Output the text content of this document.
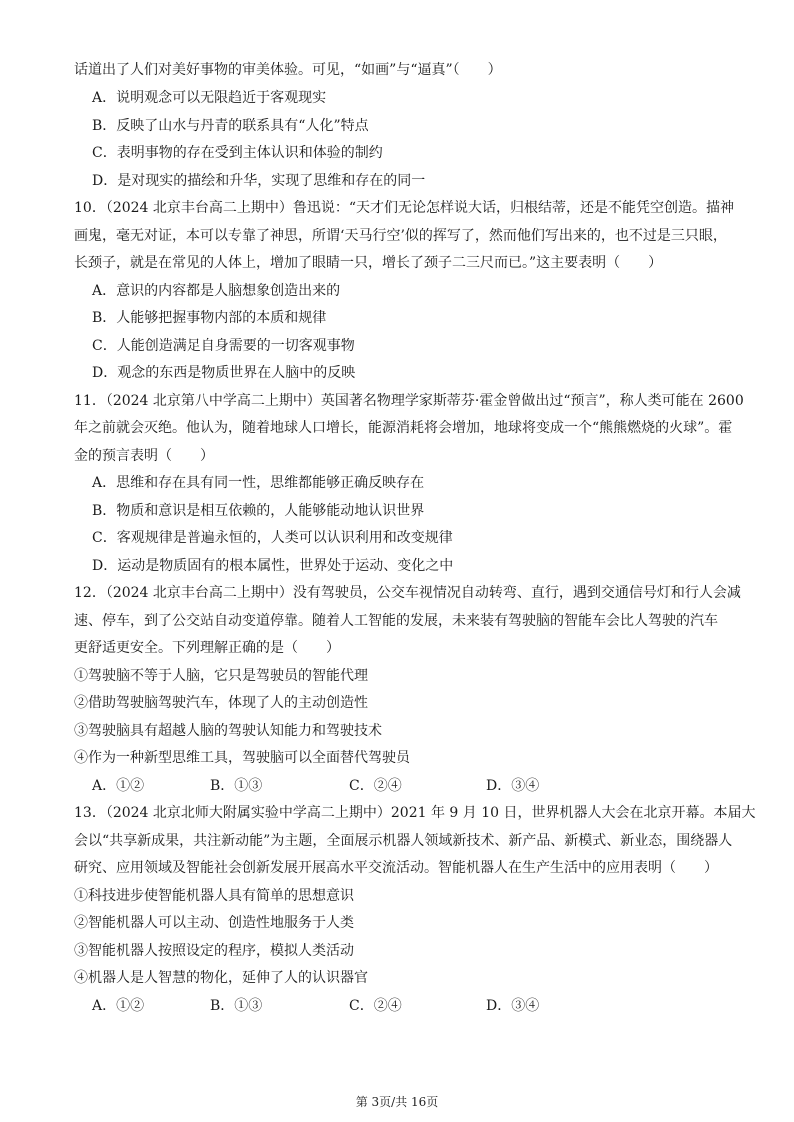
话道出了人们对美好事物的审美体验。可见，“如画”与“逼真”（　　）
A．说明观念可以无限趋近于客观现实
B．反映了山水与丹青的联系具有“人化”特点
C．表明事物的存在受到主体认识和体验的制约
D．是对现实的描绘和升华，实现了思维和存在的同一
10．（2024 北京丰台高二上期中）鲁迅说：“天才们无论怎样说大话，归根结蒂，还是不能凭空创造。描神
画鬼，毫无对证，本可以专靠了神思，所谓‘天马行空’似的挥写了，然而他们写出来的，也不过是三只眼，
长颈子，就是在常见的人体上，增加了眼睛一只，增长了颈子二三尺而已。”这主要表明（　　）
A．意识的内容都是人脑想象创造出来的
B．人能够把握事物内部的本质和规律
C．人能创造满足自身需要的一切客观事物
D．观念的东西是物质世界在人脑中的反映
11．（2024 北京第八中学高二上期中）英国著名物理学家斯蒂芬·霍金曾做出过“预言”，称人类可能在 2600
年之前就会灭绝。他认为，随着地球人口增长，能源消耗将会增加，地球将变成一个“熊熊燃烧的火球”。霍
金的预言表明（　　）
A．思维和存在具有同一性，思维都能够正确反映存在
B．物质和意识是相互依赖的，人能够能动地认识世界
C．客观规律是普遍永恒的，人类可以认识利用和改变规律
D．运动是物质固有的根本属性，世界处于运动、变化之中
12．（2024 北京丰台高二上期中）没有驾驶员，公交车视情况自动转弯、直行，遇到交通信号灯和行人会减
速、停车，到了公交站自动变道停靠。随着人工智能的发展，未来装有驾驶脑的智能车会比人驾驶的汽车
更舒适更安全。下列理解正确的是（　　）
①驾驶脑不等于人脑，它只是驾驶员的智能代理
②借助驾驶脑驾驶汽车，体现了人的主动创造性
③驾驶脑具有超越人脑的驾驶认知能力和驾驶技术
④作为一种新型思维工具，驾驶脑可以全面替代驾驶员
A．①②	B．①③	C．②④	D．③④
13．（2024 北京北师大附属实验中学高二上期中）2021 年 9 月 10 日，世界机器人大会在北京开幕。本届大
会以“共享新成果，共注新动能”为主题，全面展示机器人领域新技术、新产品、新模式、新业态，围绕器人
研究、应用领域及智能社会创新发展开展高水平交流活动。智能机器人在生产生活中的应用表明（　　）
①科技进步使智能机器人具有简单的思想意识
②智能机器人可以主动、创造性地服务于人类
③智能机器人按照设定的程序，模拟人类活动
④机器人是人智慧的物化，延伸了人的认识器官
A．①②	B．①③	C．②④	D．③④
第 3页/共 16页
